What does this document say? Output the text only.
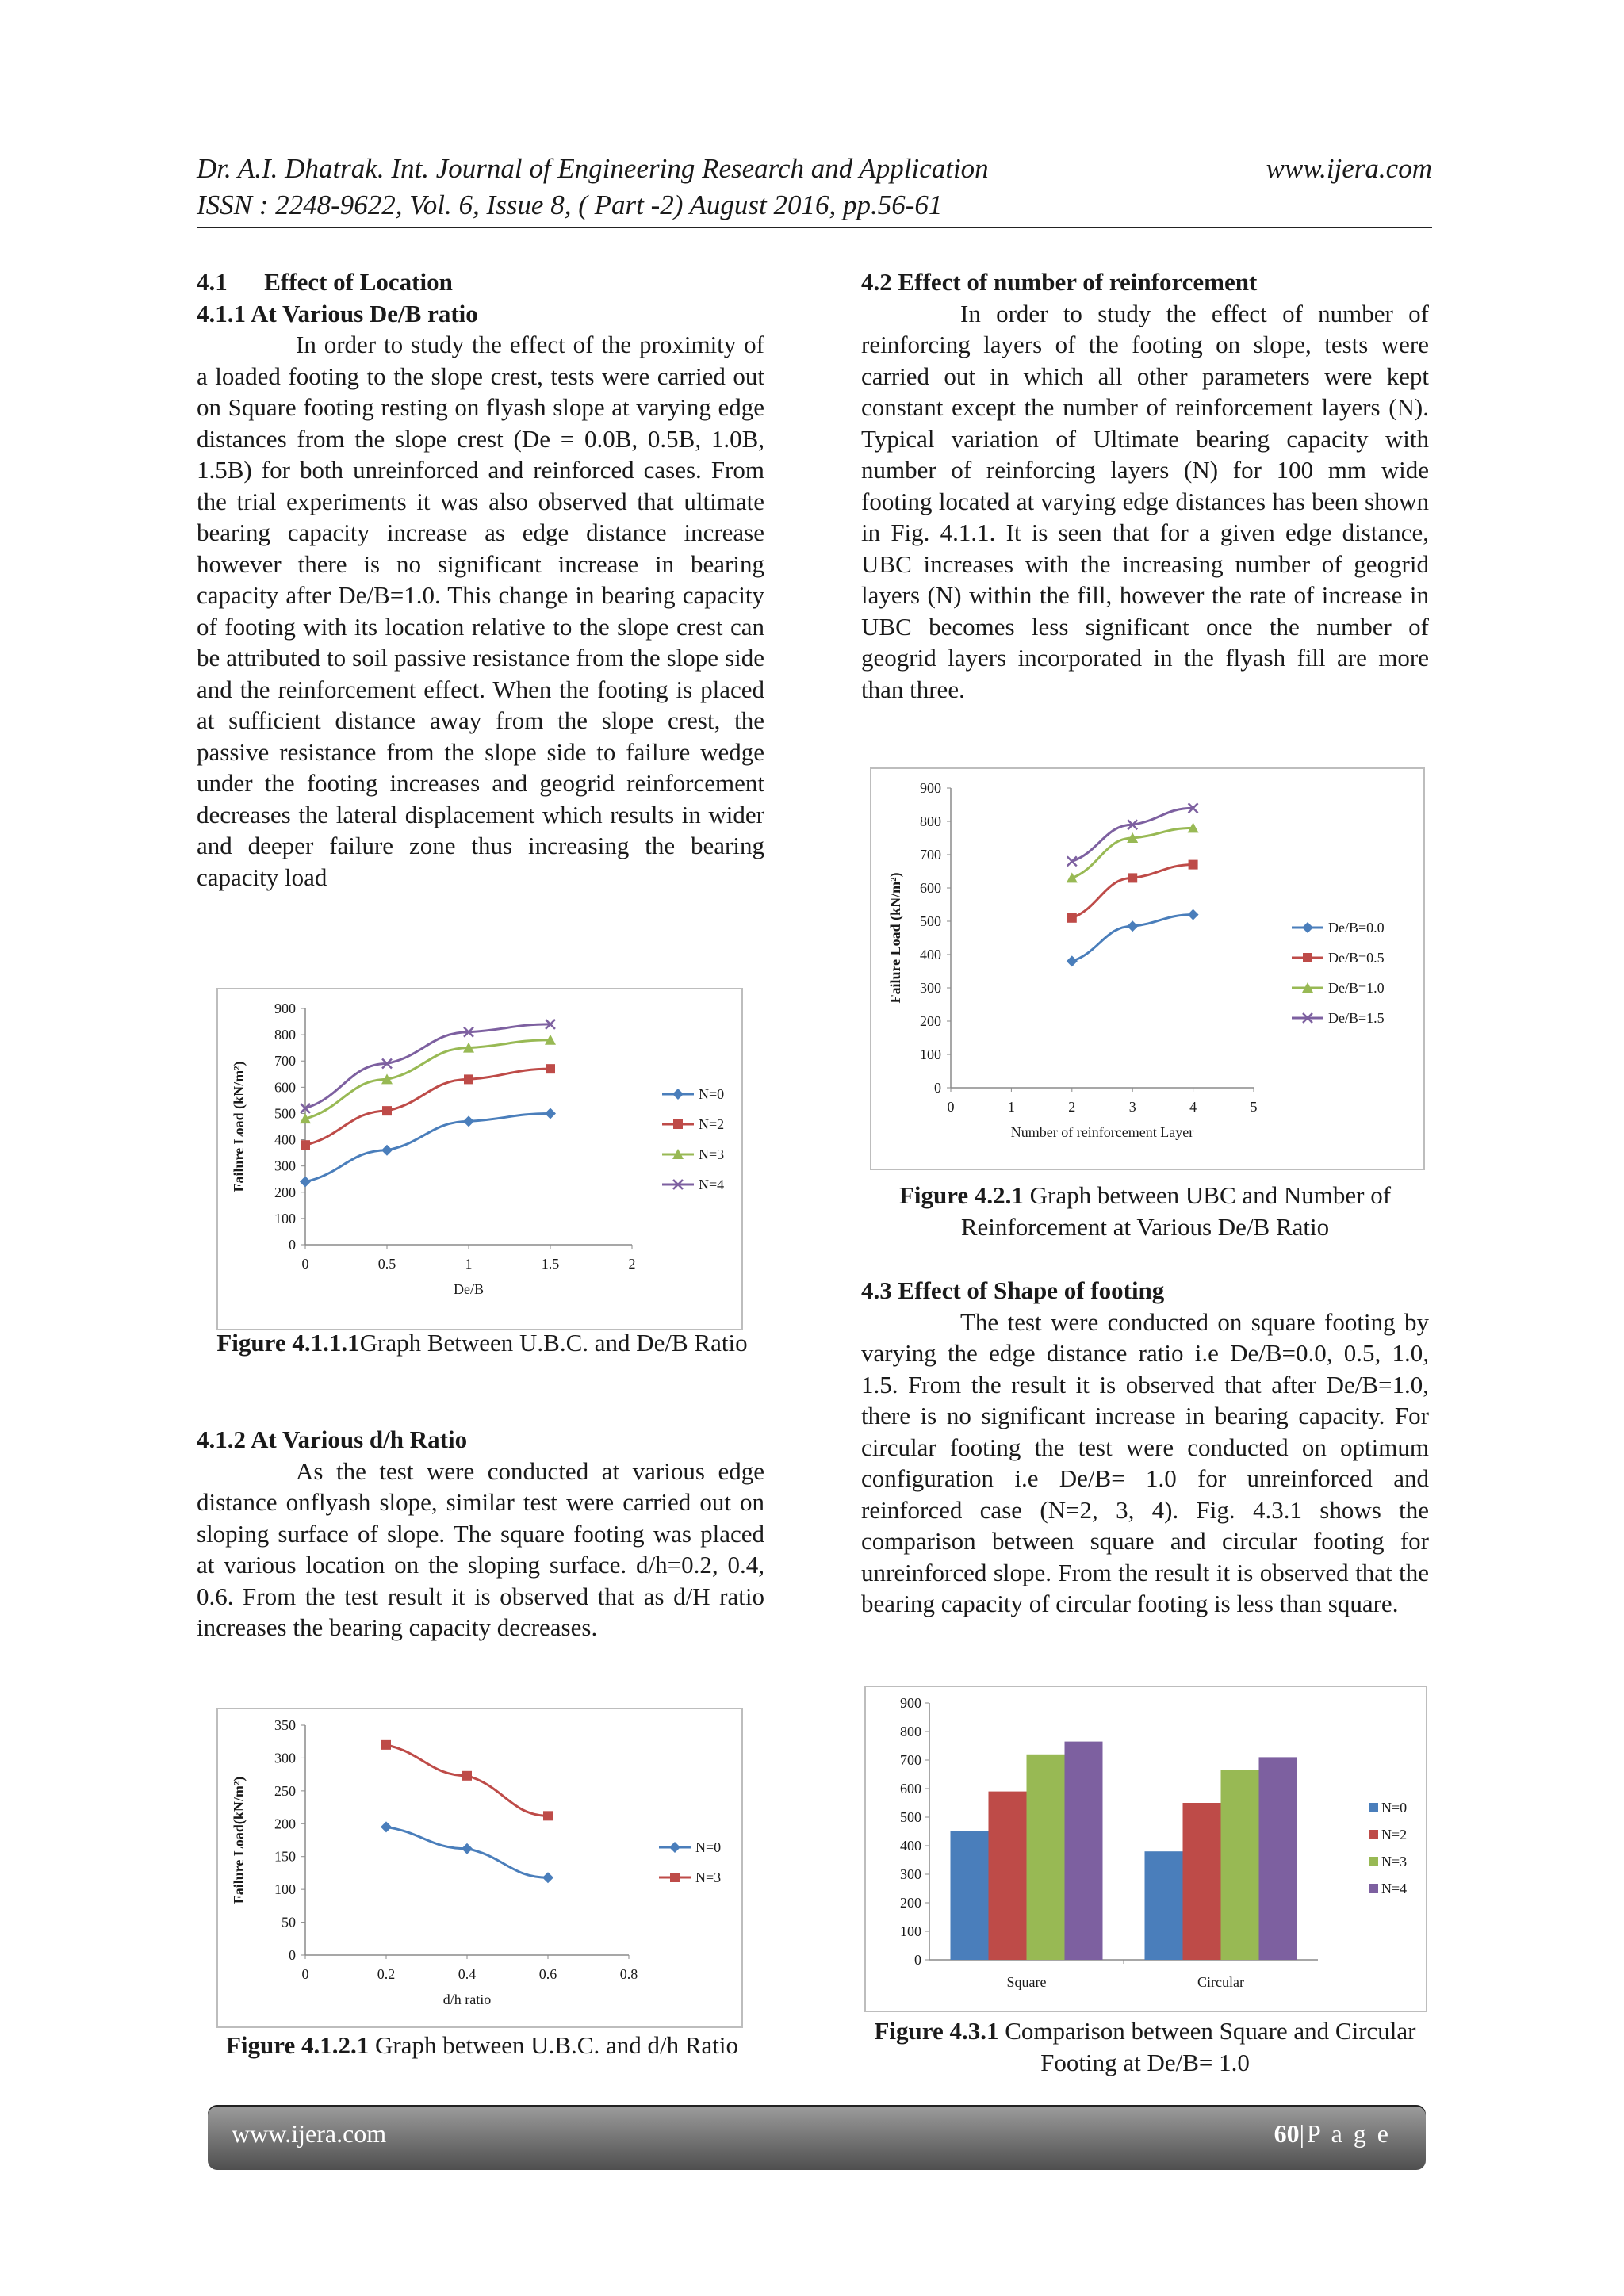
Dr. A.I. Dhatrak. Int. Journal of Engineering Research and Application	www.ijera.com
ISSN : 2248-9622, Vol. 6, Issue 8, ( Part -2) August 2016, pp.56-61

4.1      Effect of Location

4.1.1 At Various De/B ratio

In order to study the effect of the proximity of a loaded footing to the slope crest, tests were carried out on Square footing resting on flyash slope at varying edge distances from the slope crest (De = 0.0B, 0.5B, 1.0B, 1.5B) for both unreinforced and reinforced cases. From the trial experiments it was also observed that ultimate bearing capacity increase as edge distance increase however there is no significant increase in bearing capacity after De/B=1.0. This change in bearing capacity of footing with its location relative to the slope crest can be attributed to soil passive resistance from the slope side and the reinforcement effect. When the footing is placed at sufficient distance away from the slope crest, the passive resistance from the slope side to failure wedge under the footing increases and geogrid reinforcement decreases the lateral displacement which results in wider and deeper failure zone thus increasing the bearing capacity load

0
100
200
300
400
500
600
700
800
900
0	0.5	1	1.5	2
De/B
Failure Load (kN/m²)	N=0
N=2
N=3
N=4
Figure 4.1.1.1Graph Between U.B.C. and De/B Ratio

4.1.2 At Various d/h Ratio

As the test were conducted at various edge distance onflyash slope, similar test were carried out on sloping surface of slope. The square footing was placed at various location on the sloping surface. d/h=0.2, 0.4, 0.6. From the test result it is observed that as d/H ratio increases the bearing capacity decreases.

0
50
100
150
200
250
300
350
0	0.2	0.4	0.6	0.8
d/h ratio
Failure Load(kN/m²)	N=0
N=3
Figure 4.1.2.1 Graph between U.B.C. and d/h Ratio

4.2 Effect of number of reinforcement

In order to study the effect of number of reinforcing layers of the footing on slope, tests were carried out in which all other parameters were kept constant except the number of reinforcement layers (N). Typical variation of Ultimate bearing capacity with number of reinforcing layers (N) for 100 mm wide footing located at varying edge distances has been shown in Fig. 4.1.1. It is seen that for a given edge distance, UBC increases with the increasing number of geogrid layers (N) within the fill, however the rate of increase in UBC becomes less significant once the number of geogrid layers incorporated in the flyash fill are more than three.

0
100
200
300
400
500
600
700
800
900
0	1	2	3	4	5
Number of reinforcement Layer
Failure Load (kN/m²)	De/B=0.0
De/B=0.5
De/B=1.0
De/B=1.5
Figure 4.2.1 Graph between UBC and Number of Reinforcement at Various De/B Ratio

4.3 Effect of Shape of footing

The test were conducted on square footing by varying the edge distance ratio i.e De/B=0.0, 0.5, 1.0, 1.5. From the result it is observed that after De/B=1.0, there is no significant increase in bearing capacity. For circular footing the test were conducted on optimum configuration i.e De/B= 1.0 for unreinforced and reinforced case (N=2, 3, 4). Fig. 4.3.1 shows the comparison between square and circular footing for unreinforced slope. From the result it is observed that the bearing capacity of circular footing is less than square.

0
100
200
300
400
500
600
700
800
900
Square	Circular
N=0
N=2
N=3
N=4
Figure 4.3.1 Comparison between Square and Circular Footing at De/B= 1.0
www.ijera.com	60|P a g e
